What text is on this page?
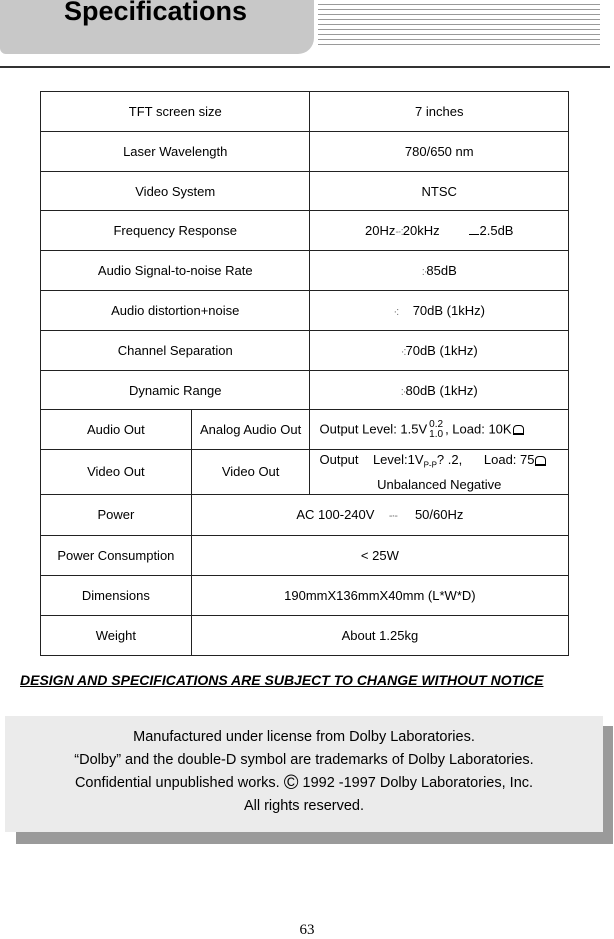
Specifications
TFT screen size		7 inches
Laser Wavelength		780/650 nm
Video System		NTSC
Frequency Response		20Hz-·:20kHz 2.5dB
Audio Signal-to-noise Rate		:·85dB
Audio distortion+noise		·: 70dB (1kHz)
Channel Separation		·:70dB (1kHz)
Dynamic Range		:·80dB (1kHz)
Audio Out	Analog Audio Out	Output Level: 1.5V 0.2
1.0 , Load: 10K
Video Out	Video Out	Output    $Level:1V_{P-P}$? .2,      Load: 75
Unbalanced Negative

Power	AC 100-240V -·- 50/60Hz	
Power Consumption	< 25W	
Dimensions	190mmX136mmX40mm (L*W*D)	
Weight	About 1.25kg	
DESIGN AND SPECIFICATIONS ARE SUBJECT TO CHANGE WITHOUT NOTICE
Manufactured under license from Dolby Laboratories.
“Dolby” and the double-D symbol are trademarks of Dolby Laboratories.
Confidential unpublished works. © 1992 -1997 Dolby Laboratories, Inc.
All rights reserved.
63
